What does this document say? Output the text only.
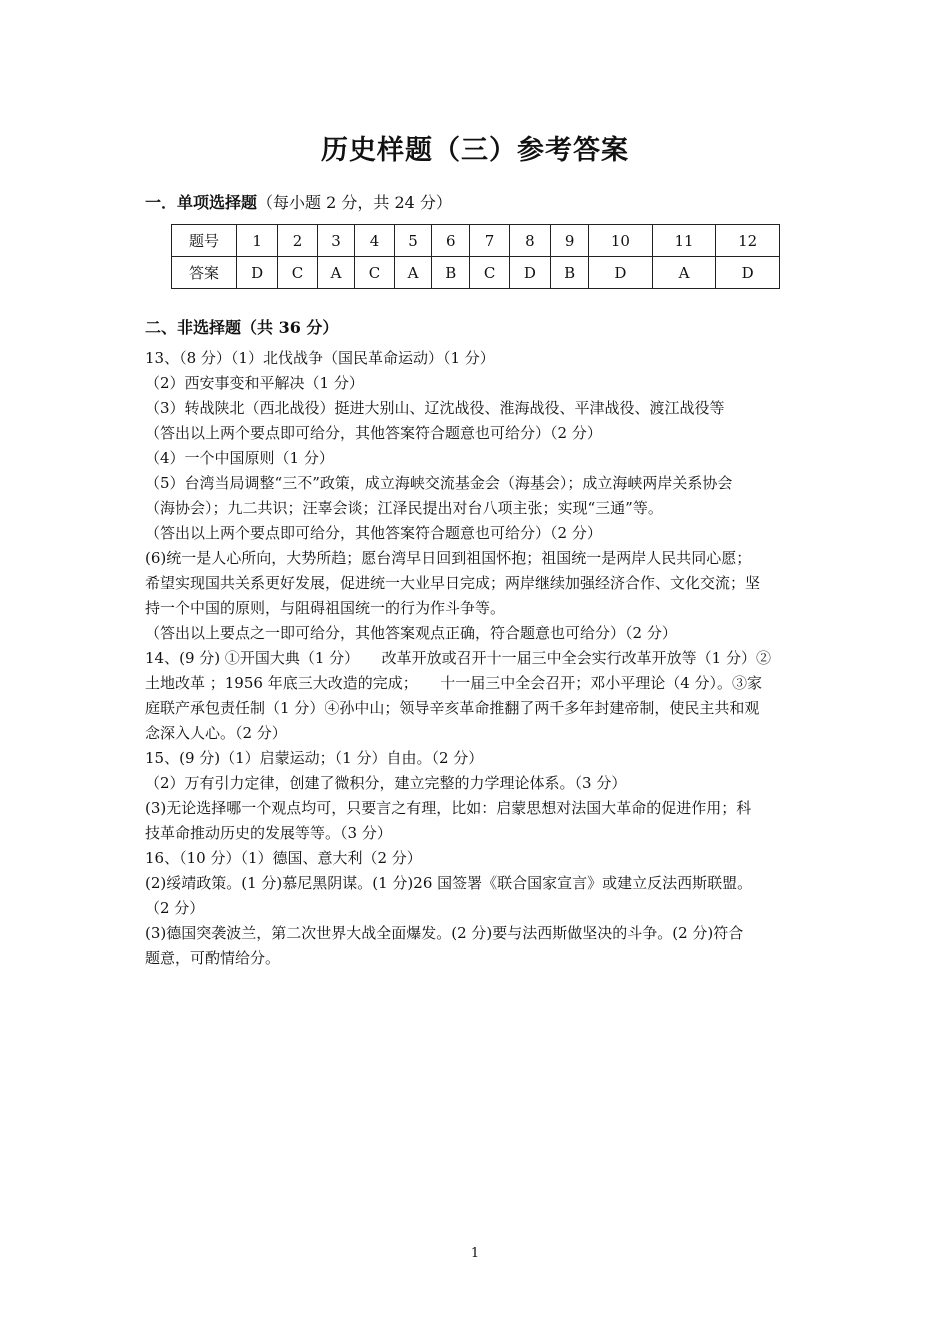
历史样题（三）参考答案
一．单项选择题（每小题 2 分，共 24 分）
题号	1	2	3	4	5	6	7	8	9	10	11	12
答案	D	C	A	C	A	B	C	D	B	D	A	D
二、非选择题（共 36 分）
13、（8 分）（1）北伐战争（国民革命运动）（1 分）
（2）西安事变和平解决（1 分）
（3）转战陕北（西北战役）挺进大别山、辽沈战役、淮海战役、平津战役、渡江战役等
（答出以上两个要点即可给分，其他答案符合题意也可给分）（2 分）
（4）一个中国原则（1 分）
（5）台湾当局调整“三不”政策，成立海峡交流基金会（海基会）；成立海峡两岸关系协会
（海协会）；九二共识；汪辜会谈；江泽民提出对台八项主张；实现“三通”等。
（答出以上两个要点即可给分，其他答案符合题意也可给分）（2 分）
(6)统一是人心所向，大势所趋；愿台湾早日回到祖国怀抱；祖国统一是两岸人民共同心愿；
希望实现国共关系更好发展，促进统一大业早日完成；两岸继续加强经济合作、文化交流；坚
持一个中国的原则，与阻碍祖国统一的行为作斗争等。
（答出以上要点之一即可给分，其他答案观点正确，符合题意也可给分）（2 分）
14、(9 分) ①开国大典（1 分）　　改革开放或召开十一届三中全会实行改革开放等（1 分）②
土地改革 ；1956 年底三大改造的完成；　　十一届三中全会召开；邓小平理论（4 分）。③家
庭联产承包责任制（1 分）④孙中山；领导辛亥革命推翻了两千多年封建帝制，使民主共和观
念深入人心。（2 分）
15、(9 分)（1）启蒙运动；（1 分）自由。（2 分）
（2）万有引力定律，创建了微积分，建立完整的力学理论体系。（3 分）
(3)无论选择哪一个观点均可，只要言之有理，比如：启蒙思想对法国大革命的促进作用；科
技革命推动历史的发展等等。（3 分）
16、（10 分）（1）德国、意大利（2 分）
(2)绥靖政策。(1 分)慕尼黑阴谋。(1 分)26 国签署《联合国家宣言》或建立反法西斯联盟。
（2 分）
(3)德国突袭波兰，第二次世界大战全面爆发。(2 分)要与法西斯做坚决的斗争。(2 分)符合
题意，可酌情给分。
1
